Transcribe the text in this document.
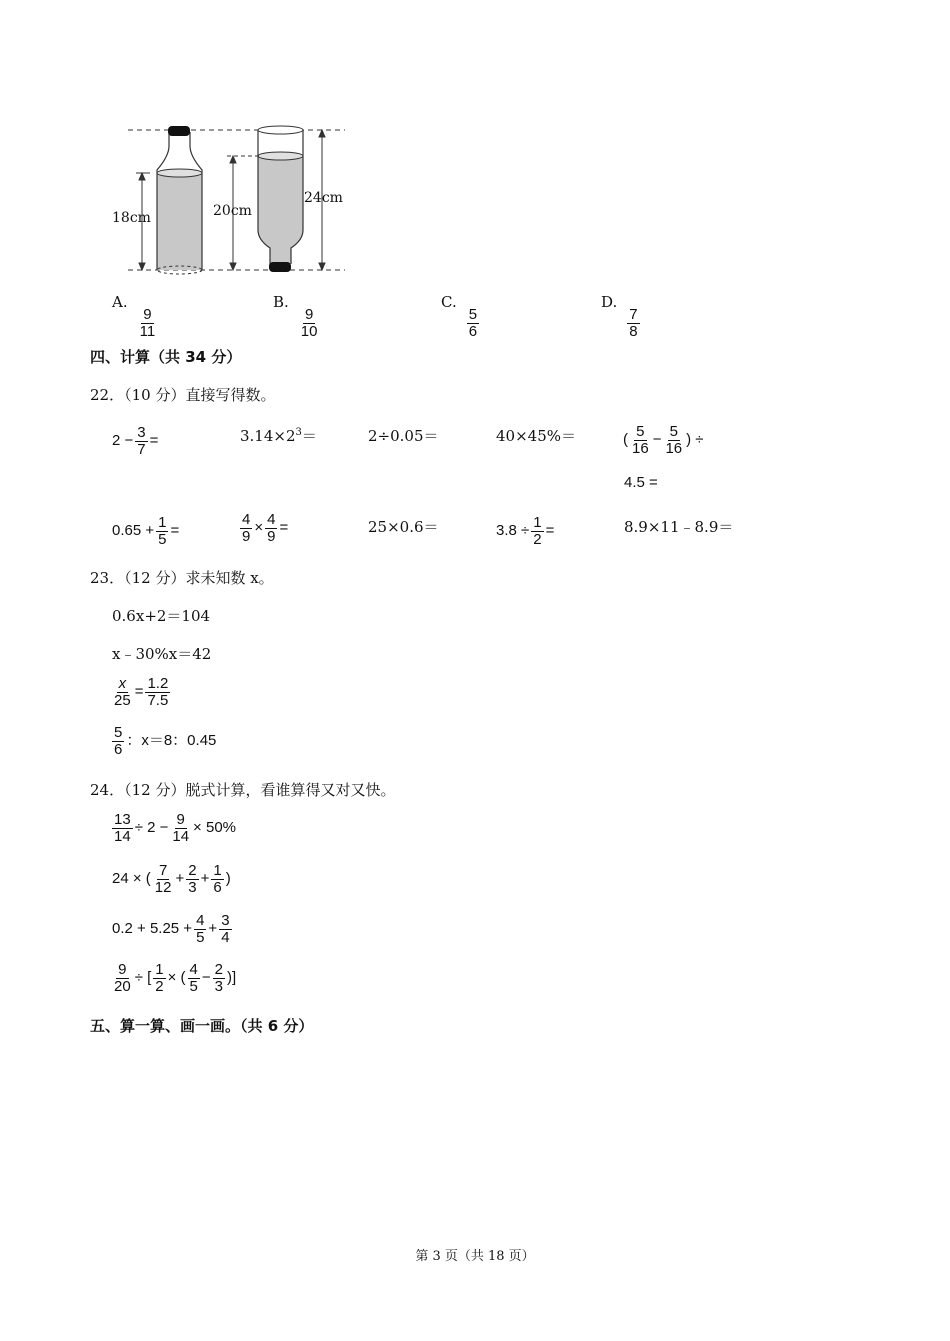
18cm	20cm
24cm
A.
$\frac{9}{11}$
B.
$\frac{9}{10}$
C.
$\frac{5}{6}$
D.
$\frac{7}{8}$
四、计算（共 34 分）
22．（10 分）直接写得数。
$2 - \frac{3}{7}$ =	$3.14\times 2^3=$	2÷0.05＝	40×45%＝	( $\frac{5}{16} - \frac{5}{16}$ ) ÷
4.5 =
$0.65 + \frac{1}{5}$ =	$\frac{4}{9} \times \frac{4}{9}$ =	25×0.6＝	$3.8 \div \frac{1}{2}$ =	8.9×11﹣8.9＝
23．（12 分）求未知数 x。
0.6x+2＝104
x﹣30%x＝42
$\frac{x}{25} = \frac{1.2}{7.5}$
$\frac{5}{6}$ ：x＝8：0.45
24．（12 分）脱式计算，看谁算得又对又快。
$\frac{13}{14} \div 2 - \frac{9}{14} \times 50\%$
24 × ( $\frac{7}{12} + \frac{2}{3} + \frac{1}{6}$ )
$0.2 + 5.25 + \frac{4}{5} + \frac{3}{4}$
$\frac{9}{20}$ ÷ [ $\frac{1}{2}$ × ( $\frac{4}{5} - \frac{2}{3}$ )]
五、算一算、画一画。（共 6 分）
第 3 页（共 18 页）
